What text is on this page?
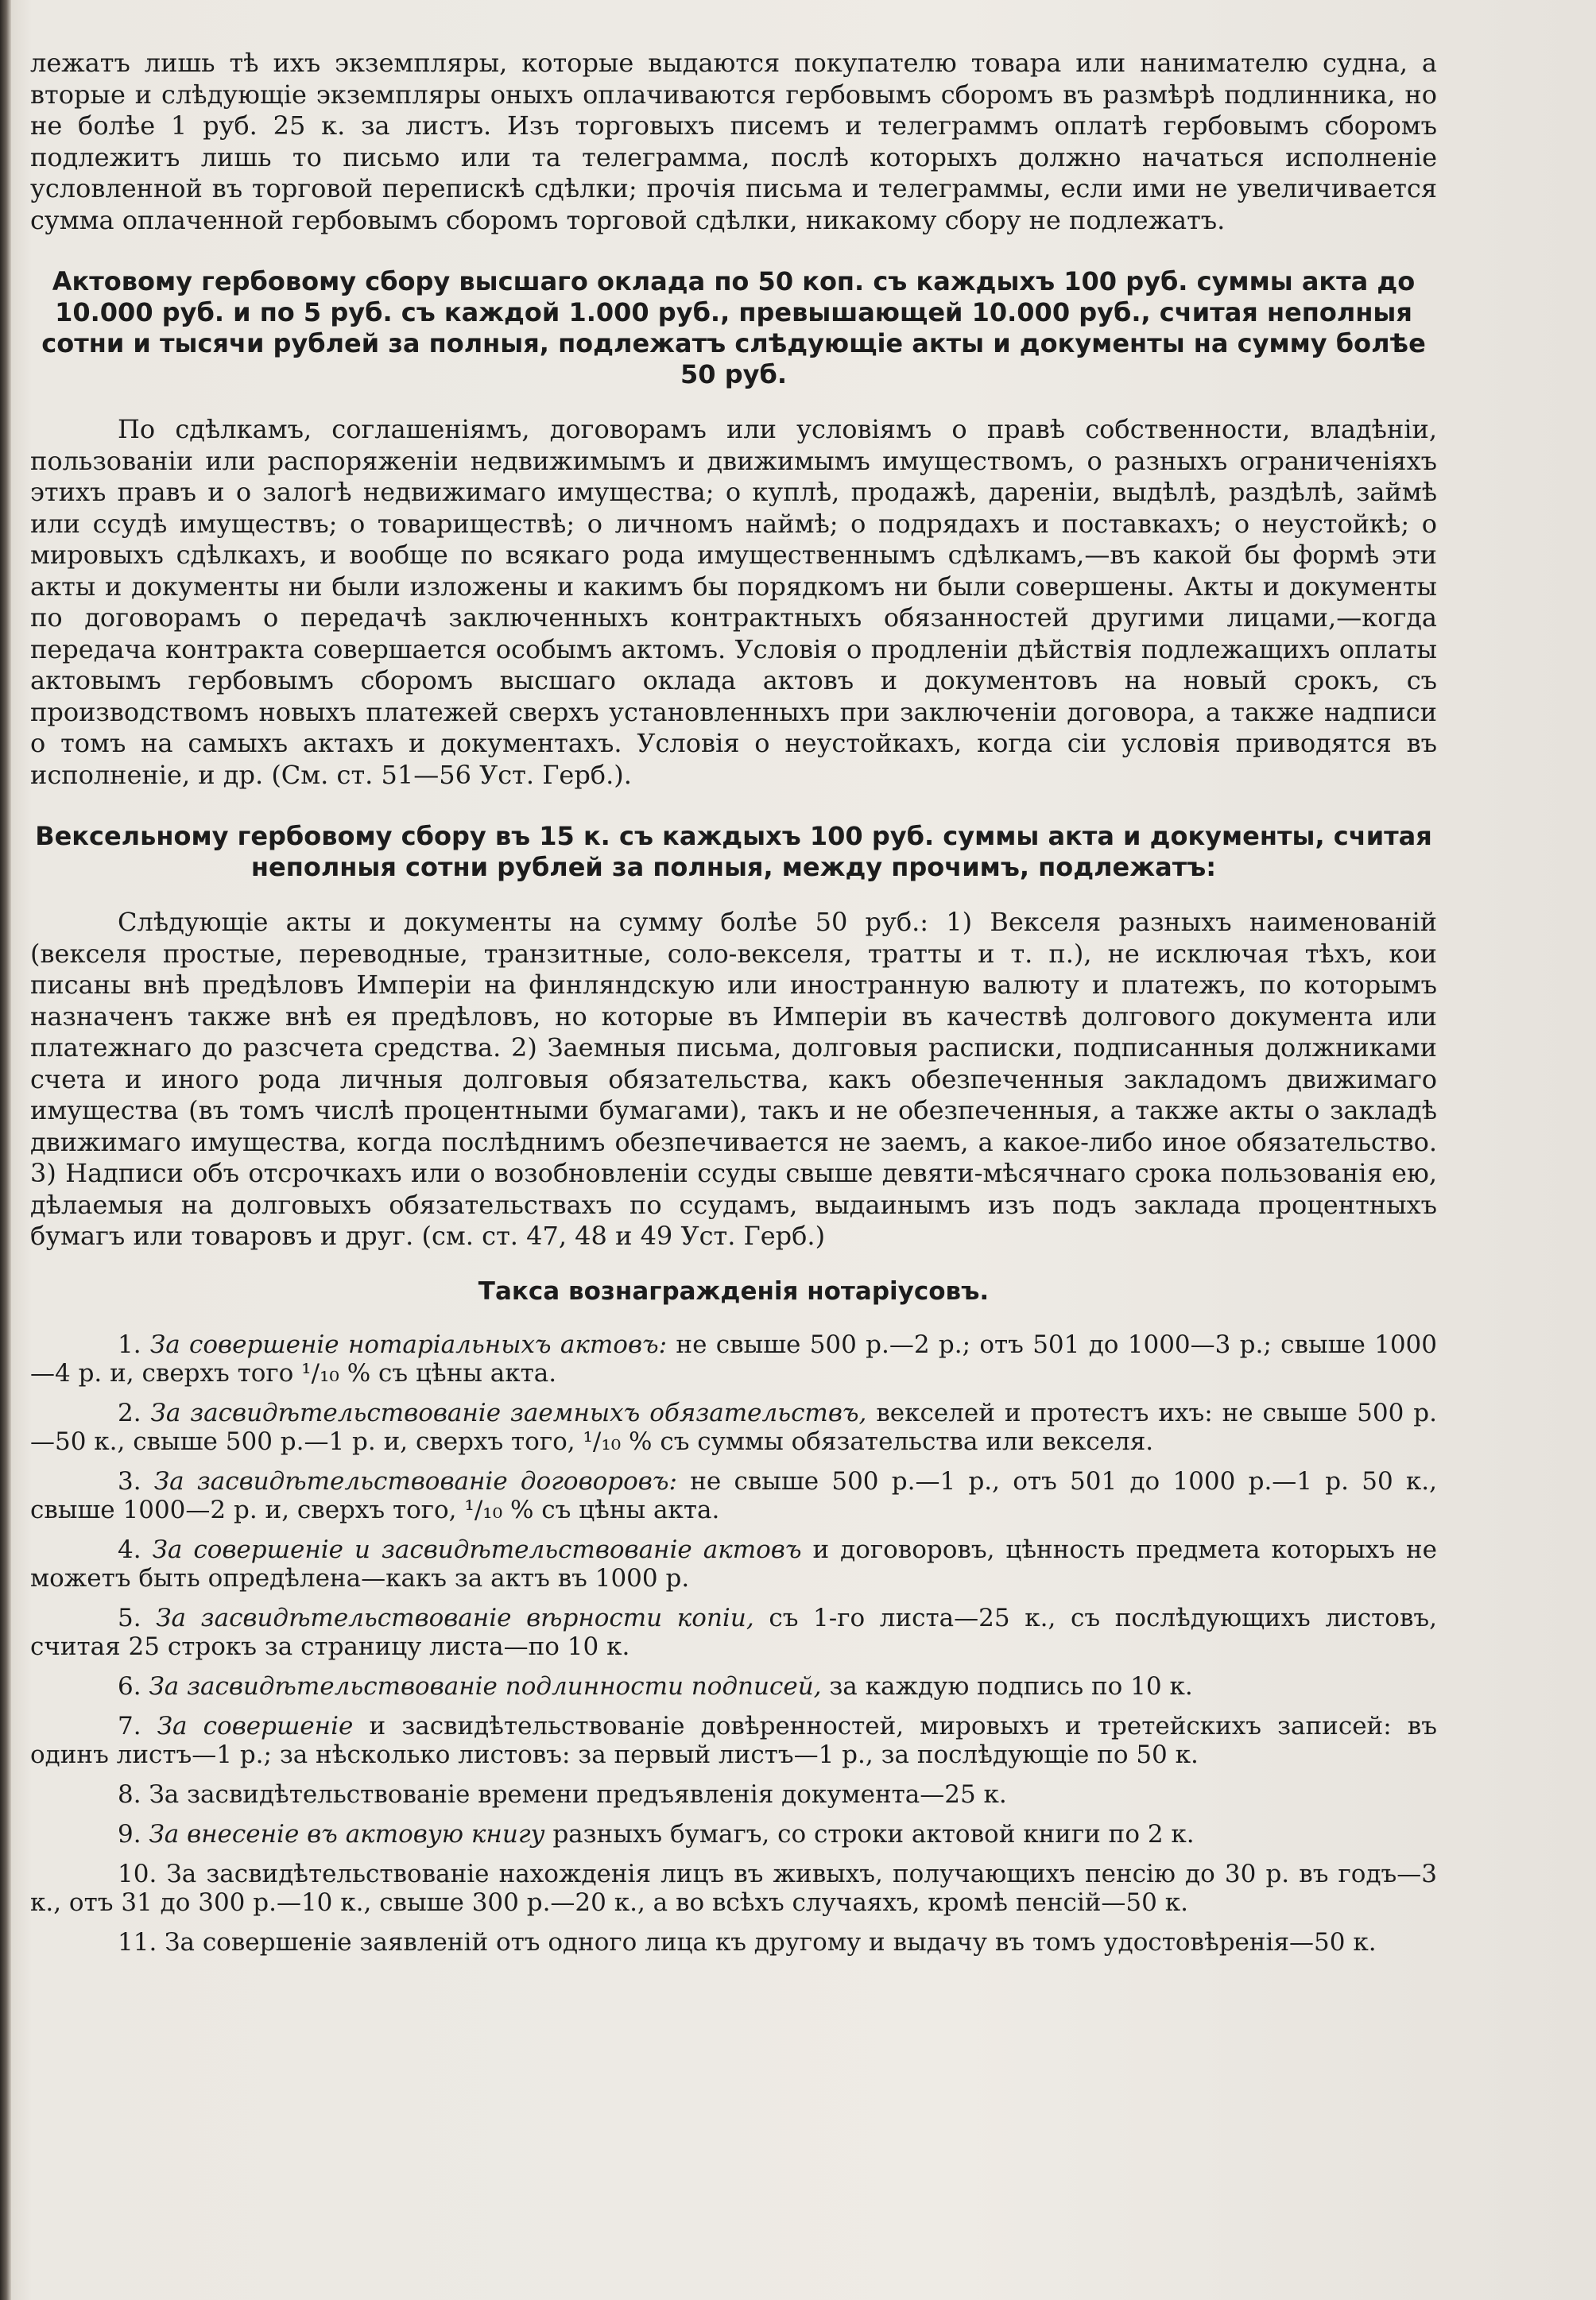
лежатъ лишь тѣ ихъ экземпляры, которые выдаются покупателю товара или нанимателю судна, а вторые и слѣдующіе экземпляры оныхъ оплачиваются гербовымъ сборомъ въ размѣрѣ подлинника, но не болѣе 1 руб. 25 к. за листъ. Изъ торговыхъ писемъ и телеграммъ оплатѣ гербовымъ сборомъ подлежитъ лишь то письмо или та телеграмма, послѣ которыхъ должно начаться исполненіе условленной въ торговой перепискѣ сдѣлки; прочія письма и телеграммы, если ими не увеличивается сумма оплаченной гербовымъ сборомъ торговой сдѣлки, никакому сбору не подлежатъ.

Актовому гербовому сбору высшаго оклада по 50 коп. съ каждыхъ 100 руб. суммы акта до 10.000 руб. и по 5 руб. съ каждой 1.000 руб., превышающей 10.000 руб., считая неполныя сотни и тысячи рублей за полныя, подлежатъ слѣдующіе акты и документы на сумму болѣе 50 руб.

По сдѣлкамъ, соглашеніямъ, договорамъ или условіямъ о правѣ собственности, владѣніи, пользованіи или распоряженіи недвижимымъ и движимымъ имуществомъ, о разныхъ ограниченіяхъ этихъ правъ и о залогѣ недвижимаго имущества; о куплѣ, продажѣ, дареніи, выдѣлѣ, раздѣлѣ, займѣ или ссудѣ имуществъ; о товариществѣ; о личномъ наймѣ; о подрядахъ и поставкахъ; о неустойкѣ; о мировыхъ сдѣлкахъ, и вообще по всякаго рода имущественнымъ сдѣлкамъ,—въ какой бы формѣ эти акты и документы ни были изложены и какимъ бы порядкомъ ни были совершены. Акты и документы по договорамъ о передачѣ заключенныхъ контрактныхъ обязанностей другими лицами,—когда передача контракта совершается особымъ актомъ. Условія о продленіи дѣйствія подлежащихъ оплаты актовымъ гербовымъ сборомъ высшаго оклада актовъ и документовъ на новый срокъ, съ производствомъ новыхъ платежей сверхъ установленныхъ при заключеніи договора, а также надписи о томъ на самыхъ актахъ и документахъ. Условія о неустойкахъ, когда сіи условія приводятся въ исполненіе, и др. (См. ст. 51—56 Уст. Герб.).

Вексельному гербовому сбору въ 15 к. съ каждыхъ 100 руб. суммы акта и документы, считая неполныя сотни рублей за полныя, между прочимъ, подлежатъ:

Слѣдующіе акты и документы на сумму болѣе 50 руб.: 1) Векселя разныхъ наименованій (векселя простые, переводные, транзитные, соло-векселя, тратты и т. п.), не исключая тѣхъ, кои писаны внѣ предѣловъ Имперіи на финляндскую или иностранную валюту и платежъ, по которымъ назначенъ также внѣ ея предѣловъ, но которые въ Имперіи въ качествѣ долгового документа или платежнаго до разсчета средства. 2) Заемныя письма, долговыя расписки, подписанныя должниками счета и иного рода личныя долговыя обязательства, какъ обезпеченныя закладомъ движимаго имущества (въ томъ числѣ процентными бумагами), такъ и не обезпеченныя, а также акты о закладѣ движимаго имущества, когда послѣднимъ обезпечивается не заемъ, а какое-либо иное обязательство. 3) Надписи объ отсрочкахъ или о возобновленіи ссуды свыше девяти-мѣсячнаго срока пользованія ею, дѣлаемыя на долговыхъ обязательствахъ по ссудамъ, выдаинымъ изъ подъ заклада процентныхъ бумагъ или товаровъ и друг. (см. ст. 47, 48 и 49 Уст. Герб.)

Такса вознагражденія нотаріусовъ.

1. За совершеніе нотаріальныхъ актовъ: не свыше 500 р.—2 р.; отъ 501 до 1000—3 р.; свыше 1000—4 р. и, сверхъ того ¹/₁₀ % съ цѣны акта.

2. За засвидѣтельствованіе заемныхъ обязательствъ, векселей и протестъ ихъ: не свыше 500 р.—50 к., свыше 500 р.—1 р. и, сверхъ того, ¹/₁₀ % съ суммы обязательства или векселя.

3. За засвидѣтельствованіе договоровъ: не свыше 500 р.—1 р., отъ 501 до 1000 р.—1 р. 50 к., свыше 1000—2 р. и, сверхъ того, ¹/₁₀ % съ цѣны акта.

4. За совершеніе и засвидѣтельствованіе актовъ и договоровъ, цѣнность предмета которыхъ не можетъ быть опредѣлена—какъ за актъ въ 1000 р.

5. За засвидѣтельствованіе вѣрности копіи, съ 1-го листа—25 к., съ послѣдующихъ листовъ, считая 25 строкъ за страницу листа—по 10 к.

6. За засвидѣтельствованіе подлинности подписей, за каждую подпись по 10 к.

7. За совершеніе и засвидѣтельствованіе довѣренностей, мировыхъ и третейскихъ записей: въ одинъ листъ—1 р.; за нѣсколько листовъ: за первый листъ—1 р., за послѣдующіе по 50 к.

8. За засвидѣтельствованіе времени предъявленія документа—25 к.

9. За внесеніе въ актовую книгу разныхъ бумагъ, со строки актовой книги по 2 к.

10. За засвидѣтельствованіе нахожденія лицъ въ живыхъ, получающихъ пенсію до 30 р. въ годъ—3 к., отъ 31 до 300 р.—10 к., свыше 300 р.—20 к., а во всѣхъ случаяхъ, кромѣ пенсій—50 к.

11. За совершеніе заявленій отъ одного лица къ другому и выдачу въ томъ удостовѣренія—50 к.
